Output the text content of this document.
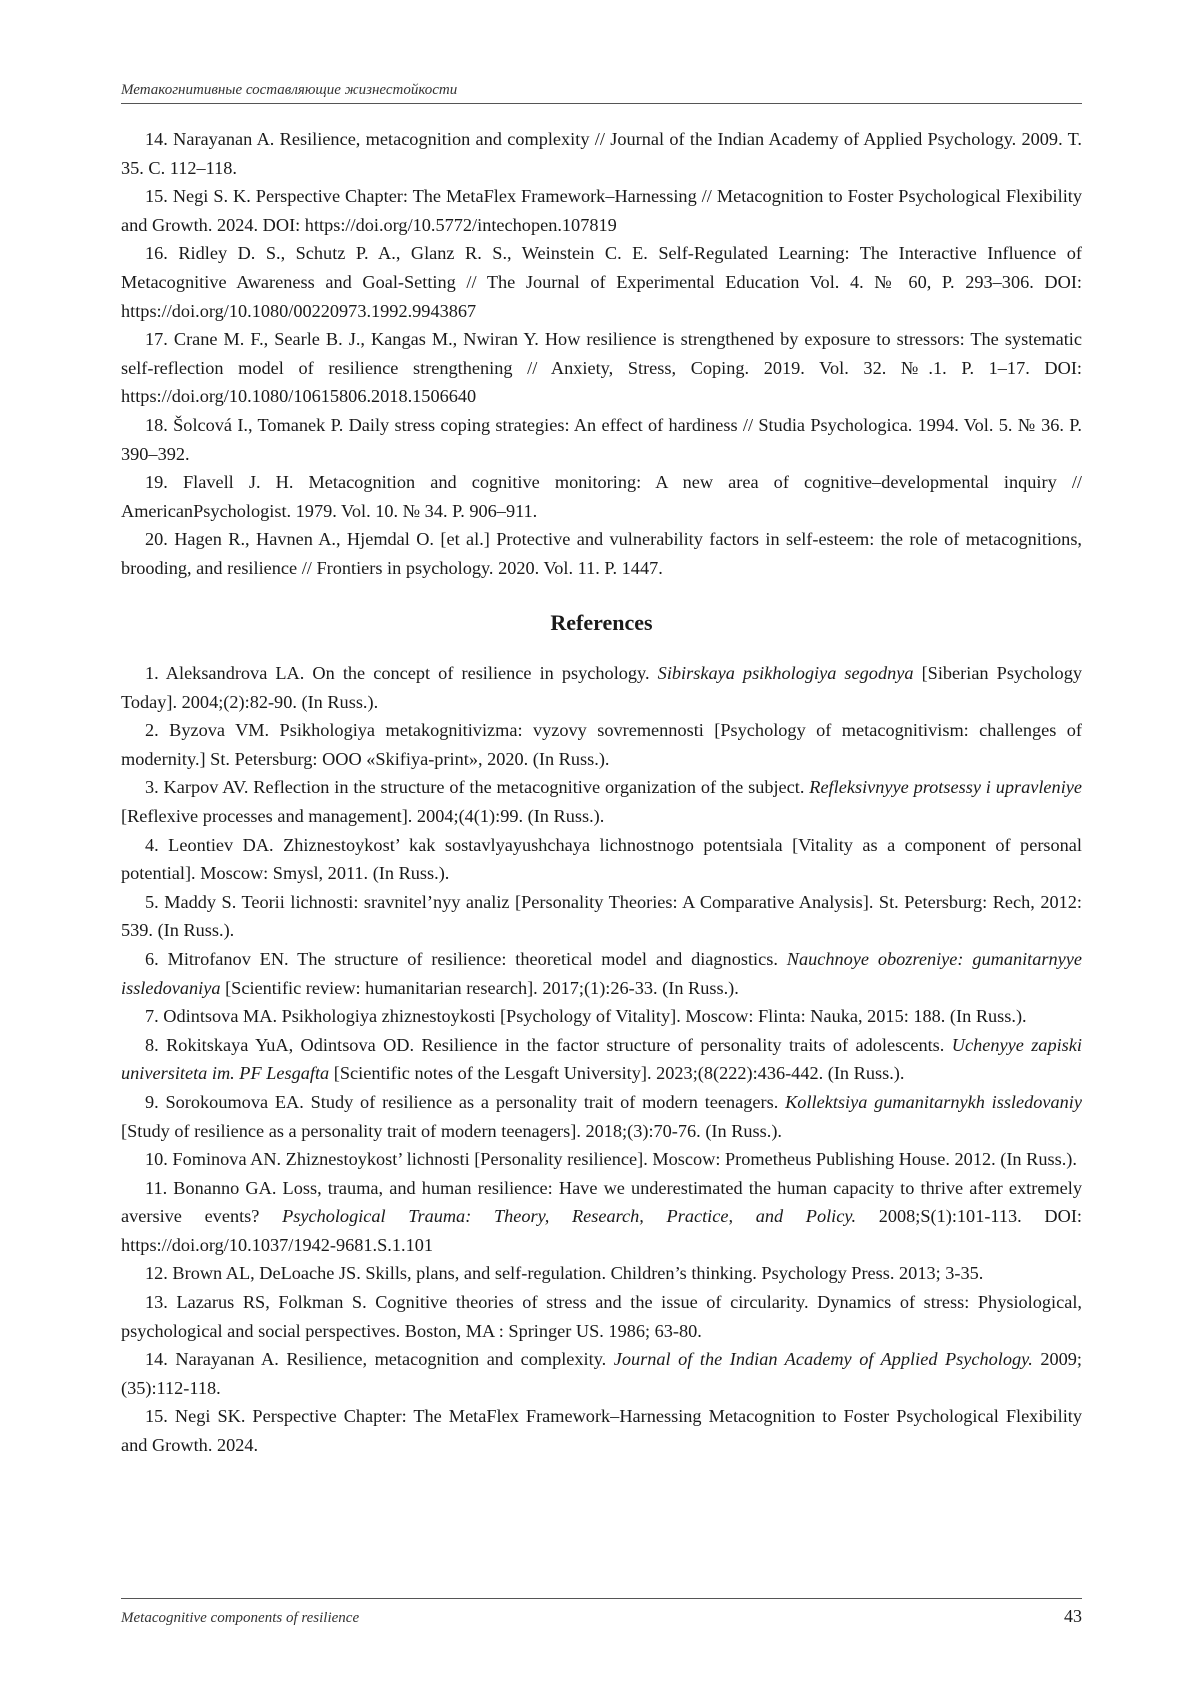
Метакогнитивные составляющие жизнестойкости

14. Narayanan A. Resilience, metacognition and complexity // Journal of the Indian Academy of Applied Psychology. 2009. T. 35. C. 112–118.

15. Negi S. K. Perspective Chapter: The MetaFlex Framework–Harnessing // Metacognition to Foster Psychological Flexibility and Growth. 2024. DOI: https://doi.org/10.5772/intechopen.107819

16. Ridley D. S., Schutz P. A., Glanz R. S., Weinstein C. E. Self-Regulated Learning: The Interactive Influence of Metacognitive Awareness and Goal-Setting // The Journal of Experimental Education Vol. 4. № 60, P. 293–306. DOI: https://doi.org/10.1080/00220973.1992.9943867

17. Crane M. F., Searle B. J., Kangas M., Nwiran Y. How resilience is strengthened by exposure to stressors: The systematic self-reflection model of resilience strengthening // Anxiety, Stress, Coping. 2019. Vol. 32. №.1. P. 1–17. DOI: https://doi.org/10.1080/10615806.2018.1506640

18. Šolcová I., Tomanek P. Daily stress coping strategies: An effect of hardiness // Studia Psychologica. 1994. Vol. 5. № 36. P. 390–392.

19. Flavell J. H. Metacognition and cognitive monitoring: A new area of cognitive–developmental inquiry // AmericanPsychologist. 1979. Vol. 10. № 34. P. 906–911.

20. Hagen R., Havnen A., Hjemdal O. [et al.] Protective and vulnerability factors in self-esteem: the role of metacognitions, brooding, and resilience // Frontiers in psychology. 2020. Vol. 11. P. 1447.

References

1. Aleksandrova LA. On the concept of resilience in psychology. Sibirskaya psikhologiya segodnya [Siberian Psychology Today]. 2004;(2):82-90. (In Russ.).

2. Byzova VM. Psikhologiya metakognitivizma: vyzovy sovremennosti [Psychology of metacognitivism: challenges of modernity.] St. Petersburg: OOO «Skifiya-print», 2020. (In Russ.).

3. Karpov AV. Reflection in the structure of the metacognitive organization of the subject. Refleksivnyye protsessy i upravleniye [Reflexive processes and management]. 2004;(4(1):99. (In Russ.).

4. Leontiev DA. Zhiznestoykost’ kak sostavlyayushchaya lichnostnogo potentsiala [Vitality as a component of personal potential]. Moscow: Smysl, 2011. (In Russ.).

5. Maddy S. Teorii lichnosti: sravnitel’nyy analiz [Personality Theories: A Comparative Analysis]. St. Petersburg: Rech, 2012: 539. (In Russ.).

6. Mitrofanov EN. The structure of resilience: theoretical model and diagnostics. Nauchnoye obozreniye: gumanitarnyye issledovaniya [Scientific review: humanitarian research]. 2017;(1):26-33. (In Russ.).

7. Odintsova MA. Psikhologiya zhiznestoykosti [Psychology of Vitality]. Moscow: Flinta: Nauka, 2015: 188. (In Russ.).

8. Rokitskaya YuA, Odintsova OD. Resilience in the factor structure of personality traits of adolescents. Uchenyye zapiski universiteta im. PF Lesgafta [Scientific notes of the Lesgaft University]. 2023;(8(222):436-442. (In Russ.).

9. Sorokoumova EA. Study of resilience as a personality trait of modern teenagers. Kollektsiya gumanitarnykh issledovaniy [Study of resilience as a personality trait of modern teenagers]. 2018;(3):70-76. (In Russ.).

10. Fominova AN. Zhiznestoykost’ lichnosti [Personality resilience]. Moscow: Prometheus Publishing House. 2012. (In Russ.).

11. Bonanno GA. Loss, trauma, and human resilience: Have we underestimated the human capacity to thrive after extremely aversive events? Psychological Trauma: Theory, Research, Practice, and Policy. 2008;S(1):101-113. DOI: https://doi.org/10.1037/1942-9681.S.1.101

12. Brown AL, DeLoache JS. Skills, plans, and self-regulation. Children’s thinking. Psychology Press. 2013; 3-35.

13. Lazarus RS, Folkman S. Cognitive theories of stress and the issue of circularity. Dynamics of stress: Physiological, psychological and social perspectives. Boston, MA : Springer US. 1986; 63-80.

14. Narayanan A. Resilience, metacognition and complexity. Journal of the Indian Academy of Applied Psychology. 2009;(35):112-118.

15. Negi SK. Perspective Chapter: The MetaFlex Framework–Harnessing Metacognition to Foster Psychological Flexibility and Growth. 2024.

Metacognitive components of resilience	43
